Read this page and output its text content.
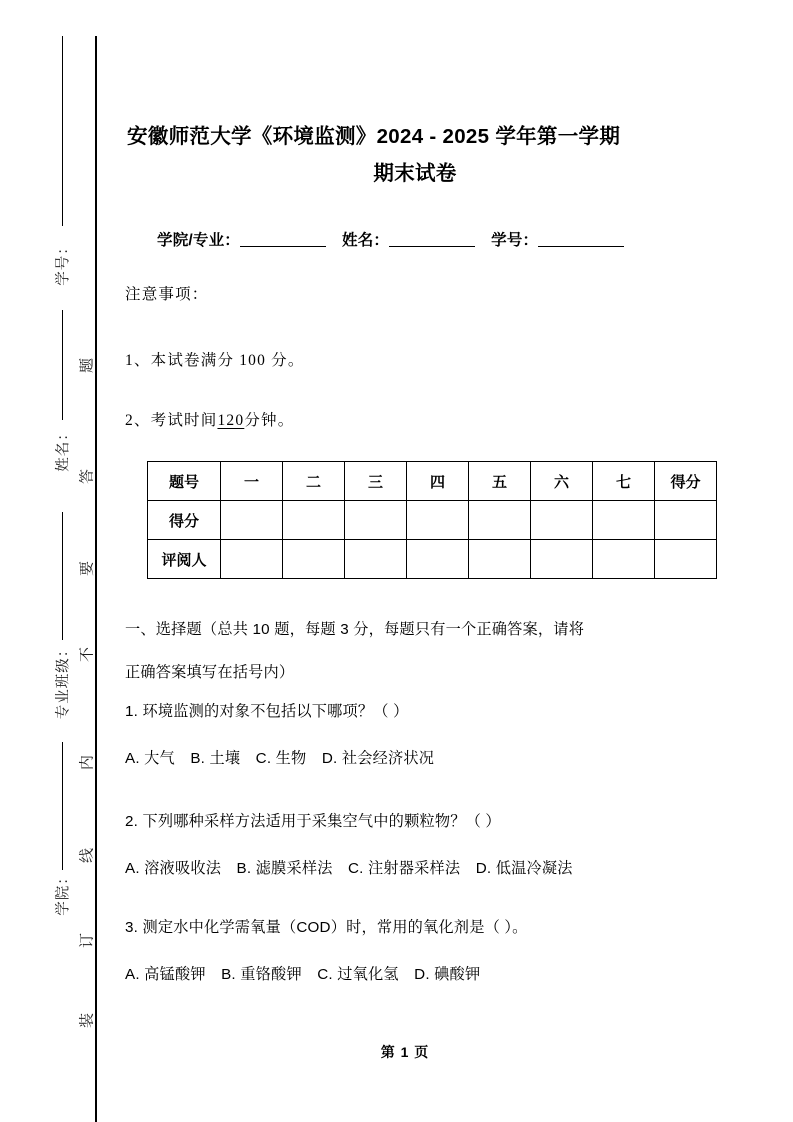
学号：
姓名：
专业班级：
学院：
题
答
要
不
内
线
订
装
安徽师范大学《环境监测》2024 - 2025 学年第一学期
期末试卷
学院/专业：	姓名：	学号：
注意事项：
1、本试卷满分 100 分。
2、考试时间120分钟。
题号	一	二	三	四	五	六	七	得分
得分								
评阅人								
一、选择题（总共 10 题，每题 3 分，每题只有一个正确答案，请将
正确答案填写在括号内）
1. 环境监测的对象不包括以下哪项？（ ）
A. 大气　B. 土壤　C. 生物　D. 社会经济状况
2. 下列哪种采样方法适用于采集空气中的颗粒物？（ ）
A. 溶液吸收法　B. 滤膜采样法　C. 注射器采样法　D. 低温冷凝法
3. 测定水中化学需氧量（COD）时，常用的氧化剂是（ ）。
A. 高锰酸钾　B. 重铬酸钾　C. 过氧化氢　D. 碘酸钾
第 1 页
